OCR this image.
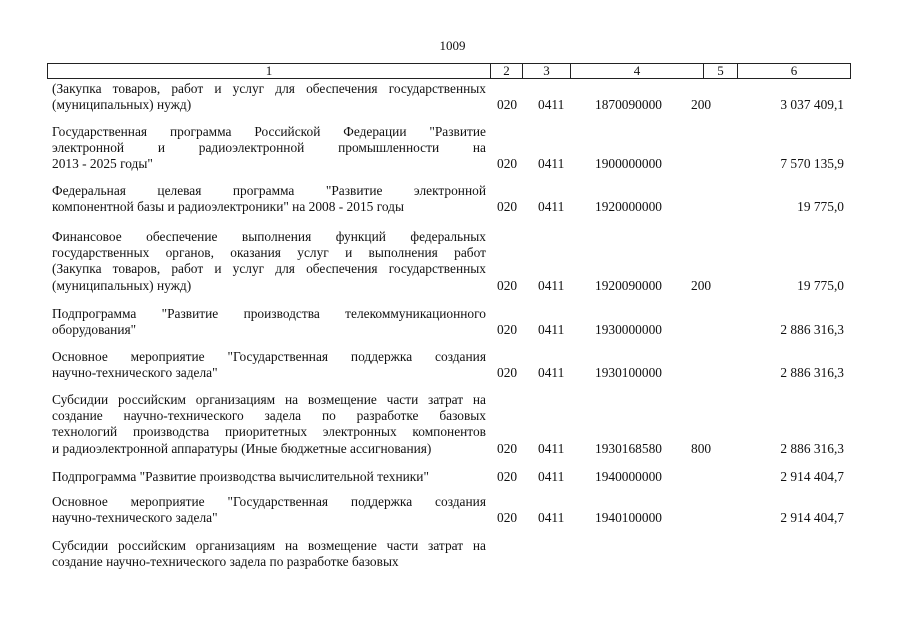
1009
1	2	3	4	5	6
(Закупка товаров, работ и услуг для обеспечения государственных
(муниципальных) нужд)	020 0411 1870090000 200	3 037 409,1
Государственная программа Российской Федерации "Развитие
электронной и радиоэлектронной промышленности на
2013 - 2025 годы"	020 0411 1900000000	7 570 135,9
Федеральная целевая программа "Развитие электронной
компонентной базы и радиоэлектроники" на 2008 - 2015 годы	020 0411 1920000000	19 775,0
Финансовое обеспечение выполнения функций федеральных
государственных органов, оказания услуг и выполнения работ
(Закупка товаров, работ и услуг для обеспечения государственных
(муниципальных) нужд)	020 0411 1920090000 200	19 775,0
Подпрограмма "Развитие производства телекоммуникационного
оборудования"	020 0411 1930000000	2 886 316,3
Основное мероприятие "Государственная поддержка создания
научно-технического задела"	020 0411 1930100000	2 886 316,3
Субсидии российским организациям на возмещение части затрат на
создание научно-технического задела по разработке базовых
технологий производства приоритетных электронных компонентов
и радиоэлектронной аппаратуры (Иные бюджетные ассигнования)	020 0411 1930168580 800	2 886 316,3
Подпрограмма "Развитие производства вычислительной техники"	020 0411 1940000000	2 914 404,7
Основное мероприятие "Государственная поддержка создания
научно-технического задела"	020 0411 1940100000	2 914 404,7
Субсидии российским организациям на возмещение части затрат на
создание научно-технического задела по разработке базовых
